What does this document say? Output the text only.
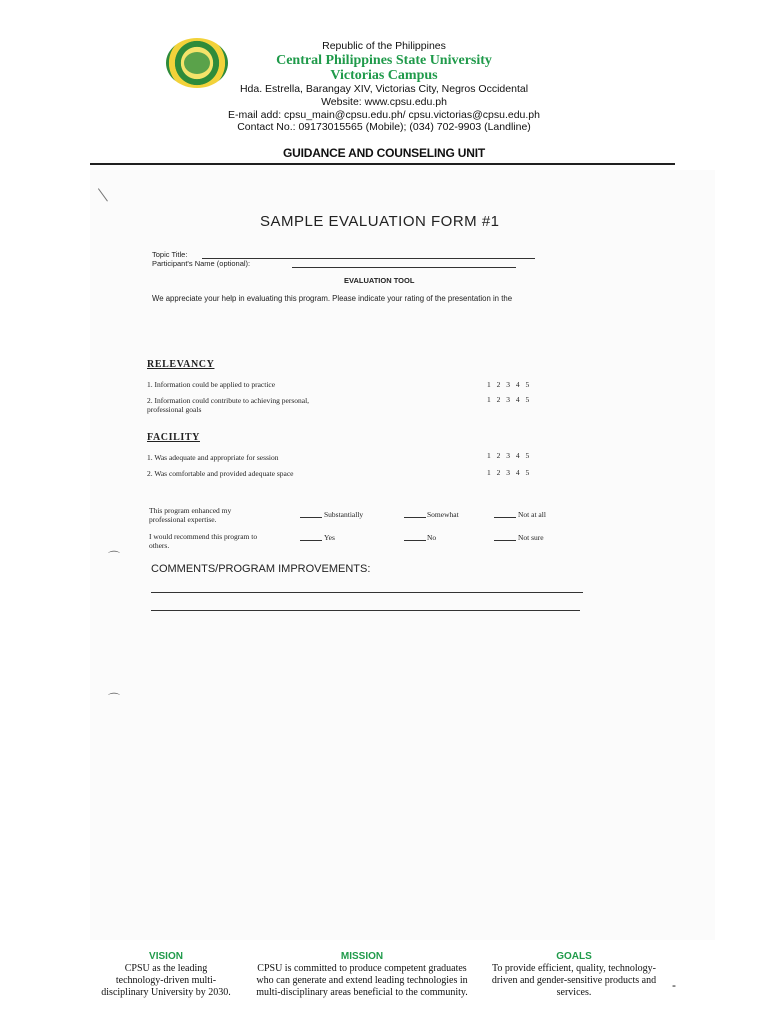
Republic of the Philippines
Central Philippines State University
Victorias Campus
Hda. Estrella, Barangay XIV, Victorias City, Negros Occidental
Website: www.cpsu.edu.ph
E-mail add: cpsu_main@cpsu.edu.ph/ cpsu.victorias@cpsu.edu.ph
Contact No.: 09173015565 (Mobile); (034) 702-9903 (Landline)
GUIDANCE AND COUNSELING UNIT
/
SAMPLE EVALUATION FORM #1
Topic Title:
Participant's Name (optional):
EVALUATION TOOL
We appreciate your help in evaluating this program. Please indicate your rating of the presentation in the
RELEVANCY
1. Information could be applied to practice	1 2 3 4 5
2. Information could contribute to achieving personal, professional goals
1 2 3 4 5
FACILITY
1. Was adequate and appropriate for session	1 2 3 4 5
2. Was comfortable and provided adequate space	1 2 3 4 5
This program enhanced my professional expertise.
Substantially	Somewhat	Not at all
I would recommend this program to others.
Yes	No	Not sure
⌒
COMMENTS/PROGRAM IMPROVEMENTS:
⌒
VISION
CPSU as the leading technology-driven multi-disciplinary University by 2030.
MISSION
CPSU is committed to produce competent graduates who can generate and extend leading technologies in multi-disciplinary areas beneficial to the community.
GOALS
To provide efficient, quality, technology-driven and gender-sensitive products and services.
-
